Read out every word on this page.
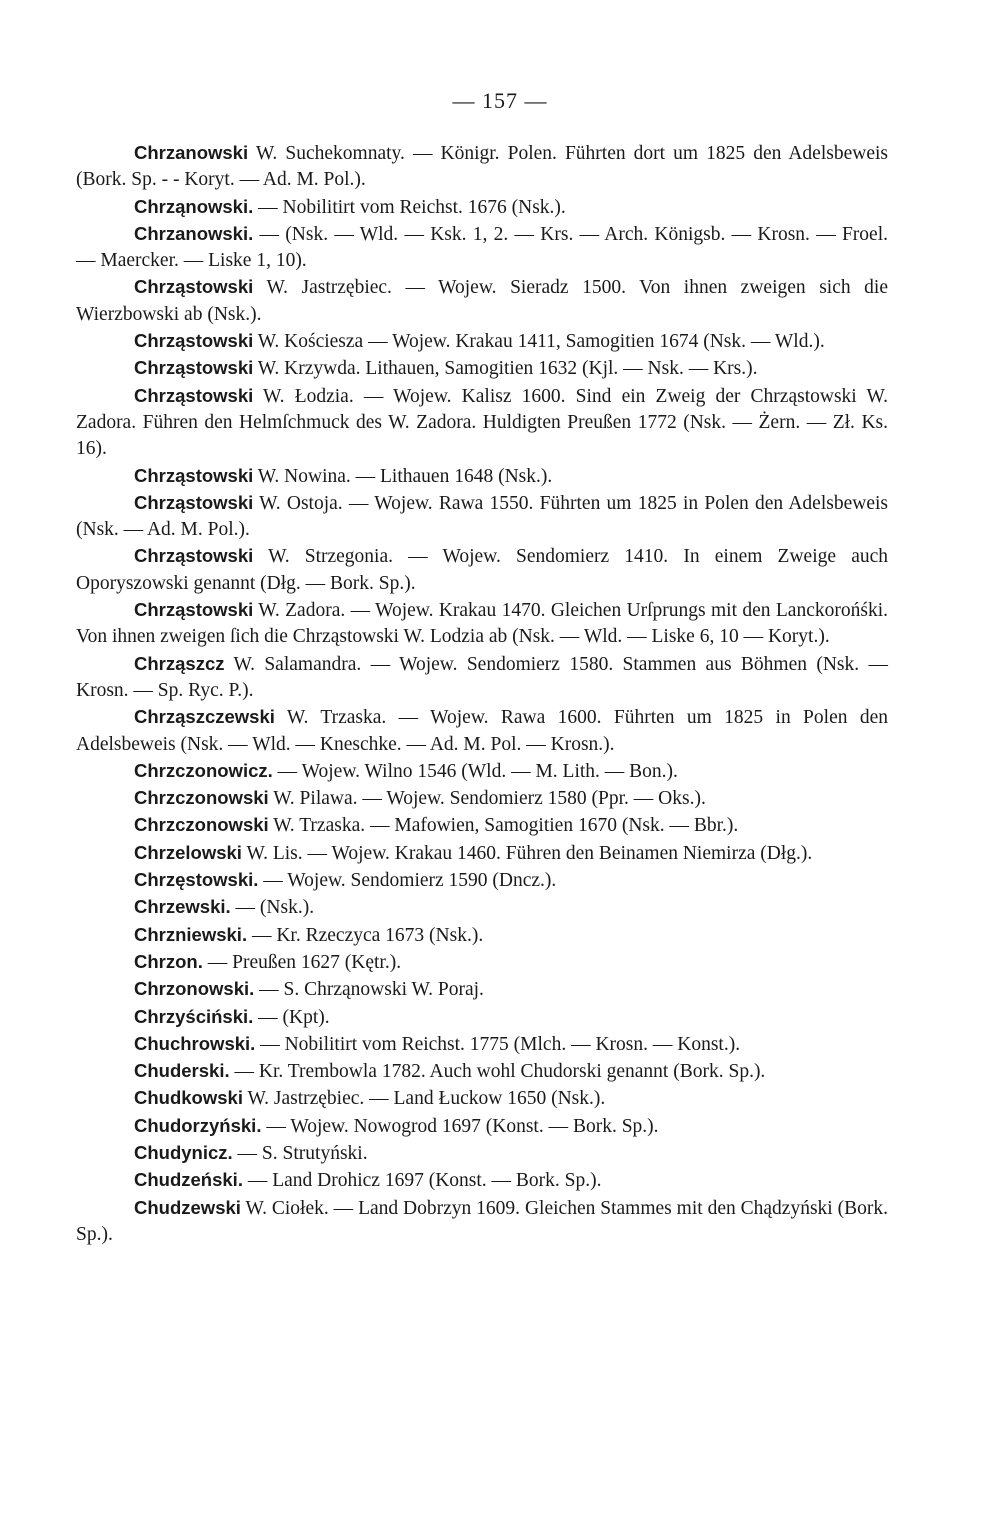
— 157 —

Chrzanowski W. Suchekomnaty. — Königr. Polen. Führten dort um 1825 den Adelsbeweis (Bork. Sp. - - Koryt. — Ad. M. Pol.).

Chrząnowski. — Nobilitirt vom Reichst. 1676 (Nsk.).

Chrzanowski. — (Nsk. — Wld. — Ksk. 1, 2. — Krs. — Arch. Königsb. — Krosn. — Froel. — Maercker. — Liske 1, 10).

Chrząstowski W. Jastrzębiec. — Wojew. Sieradz 1500. Von ihnen zweigen sich die Wierzbowski ab (Nsk.).

Chrząstowski W. Kościesza — Wojew. Krakau 1411, Samogitien 1674 (Nsk. — Wld.).

Chrząstowski W. Krzywda. Lithauen, Samogitien 1632 (Kjl. — Nsk. — Krs.).

Chrząstowski W. Łodzia. — Wojew. Kalisz 1600. Sind ein Zweig der Chrząstowski W. Zadora. Führen den Helmſchmuck des W. Zadora. Huldigten Preußen 1772 (Nsk. — Żern. — Zł. Ks. 16).

Chrząstowski W. Nowina. — Lithauen 1648 (Nsk.).

Chrząstowski W. Ostoja. — Wojew. Rawa 1550. Führten um 1825 in Polen den Adelsbeweis (Nsk. — Ad. M. Pol.).

Chrząstowski W. Strzegonia. — Wojew. Sendomierz 1410. In einem Zweige auch Oporyszowski genannt (Dłg. — Bork. Sp.).

Chrząstowski W. Zadora. — Wojew. Krakau 1470. Gleichen Urſprungs mit den Lanckorońśki. Von ihnen zweigen ſich die Chrząstowski W. Lodzia ab (Nsk. — Wld. — Liske 6, 10 — Koryt.).

Chrząszcz W. Salamandra. — Wojew. Sendomierz 1580. Stammen aus Böhmen (Nsk. — Krosn. — Sp. Ryc. P.).

Chrząszczewski W. Trzaska. — Wojew. Rawa 1600. Führten um 1825 in Polen den Adelsbeweis (Nsk. — Wld. — Kneschke. — Ad. M. Pol. — Krosn.).

Chrzczonowicz. — Wojew. Wilno 1546 (Wld. — M. Lith. — Bon.).

Chrzczonowski W. Pilawa. — Wojew. Sendomierz 1580 (Ppr. — Oks.).

Chrzczonowski W. Trzaska. — Mafowien, Samogitien 1670 (Nsk. — Bbr.).

Chrzelowski W. Lis. — Wojew. Krakau 1460. Führen den Beinamen Niemirza (Dłg.).

Chrzęstowski. — Wojew. Sendomierz 1590 (Dncz.).

Chrzewski. — (Nsk.).

Chrzniewski. — Kr. Rzeczyca 1673 (Nsk.).

Chrzon. — Preußen 1627 (Kętr.).

Chrzonowski. — S. Chrząnowski W. Poraj.

Chrzyściński. — (Kpt).

Chuchrowski. — Nobilitirt vom Reichst. 1775 (Mlch. — Krosn. — Konst.).

Chuderski. — Kr. Trembowla 1782. Auch wohl Chudorski genannt (Bork. Sp.).

Chudkowski W. Jastrzębiec. — Land Łuckow 1650 (Nsk.).

Chudorzyński. — Wojew. Nowogrod 1697 (Konst. — Bork. Sp.).

Chudynicz. — S. Strutyński.

Chudzeński. — Land Drohicz 1697 (Konst. — Bork. Sp.).

Chudzewski W. Ciołek. — Land Dobrzyn 1609. Gleichen Stammes mit den Chądzyński (Bork. Sp.).
